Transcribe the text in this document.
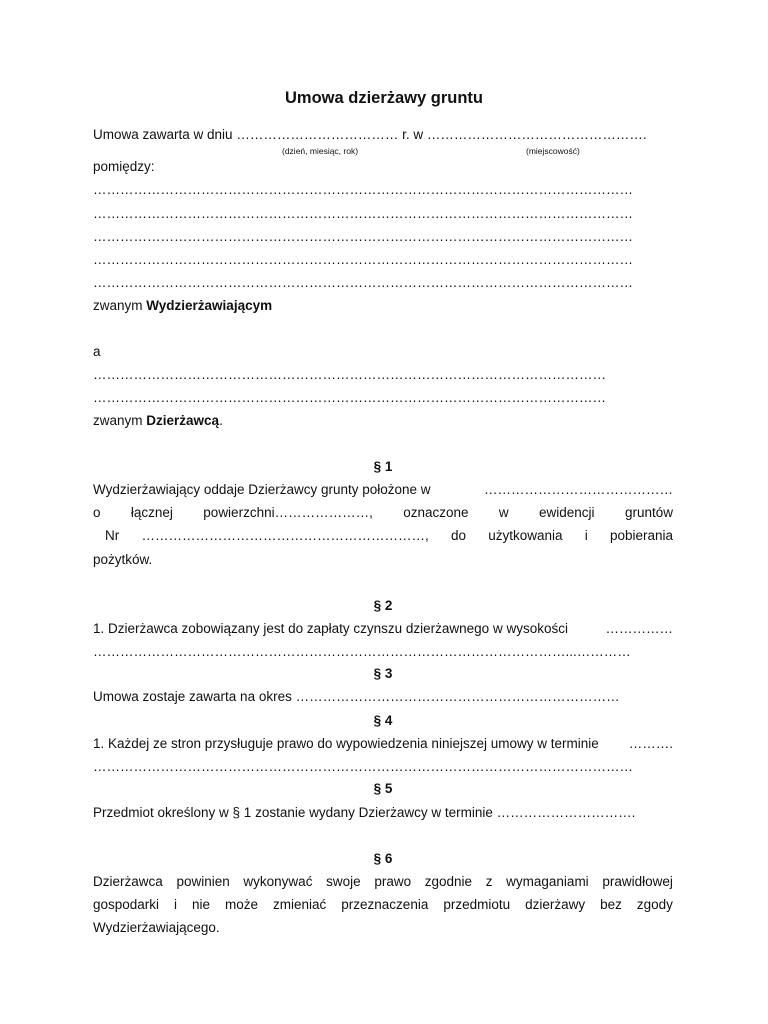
Umowa dzierżawy gruntu
Umowa zawarta w dniu ……………………………… r. w ………………………………………….
(dzień, miesiąc, rok)	(miejscowość)
pomiędzy:
…………………………………………………………………………………………………………
…………………………………………………………………………………………………………
…………………………………………………………………………………………………………
…………………………………………………………………………………………………………
…………………………………………………………………………………………………………
zwanym Wydzierżawiającym
a
……………………………………………………………………………………………………
……………………………………………………………………………………………………
zwanym Dzierżawcą.
§ 1
Wydzierżawiający oddaje Dzierżawcy grunty położone w	……………………………………
o łącznej powierzchni…………………, oznaczone w ewidencji gruntów
Nr ………………………………………………………, do użytkowania i pobierania
pożytków.
§ 2
1. Dzierżawca zobowiązany jest do zapłaty czynszu dzierżawnego w wysokości	……………
……………………………………………………………………………………………...…………
§ 3
Umowa zostaje zawarta na okres ………………………………………………………………
§ 4
1. Każdej ze stron przysługuje prawo do wypowiedzenia niniejszej umowy w terminie ……….
…………………………………………………………………………………………………………
§ 5
Przedmiot określony w § 1 zostanie wydany Dzierżawcy w terminie ………………………….
§ 6
Dzierżawca powinien wykonywać swoje prawo zgodnie z wymaganiami prawidłowej
gospodarki i nie może zmieniać przeznaczenia przedmiotu dzierżawy bez zgody
Wydzierżawiającego.
